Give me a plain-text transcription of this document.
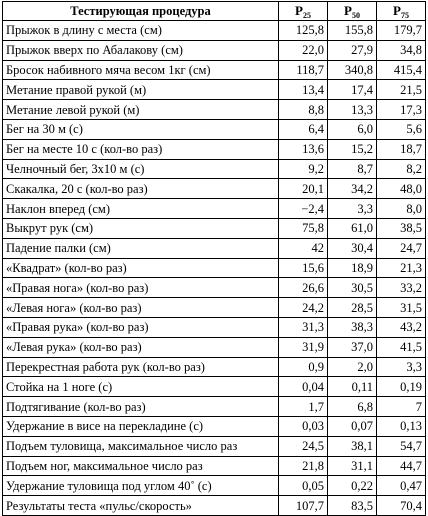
Тестирующая процедура	$P_{25}$	$P_{50}$	$P_{75}$
Прыжок в длину с места (см)	125,8	155,8	179,7
Прыжок вверх по Абалакову (см)	22,0	27,9	34,8
Бросок набивного мяча весом 1кг (см)	118,7	340,8	415,4
Метание правой рукой (м)	13,4	17,4	21,5
Метание левой рукой (м)	8,8	13,3	17,3
Бег на 30 м (с)	6,4	6,0	5,6
Бег на месте 10 с (кол-во раз)	13,6	15,2	18,7
Челночный бег, 3х10 м (с)	9,2	8,7	8,2
Скакалка, 20 с (кол-во раз)	20,1	34,2	48,0
Наклон вперед (см)	−2,4	3,3	8,0
Выкрут рук (см)	75,8	61,0	38,5
Падение палки (см)	42	30,4	24,7
«Квадрат» (кол-во раз)	15,6	18,9	21,3
«Правая нога» (кол-во раз)	26,6	30,5	33,2
«Левая нога» (кол-во раз)	24,2	28,5	31,5
«Правая рука» (кол-во раз)	31,3	38,3	43,2
«Левая рука» (кол-во раз)	31,9	37,0	41,5
Перекрестная работа рук (кол-во раз)	0,9	2,0	3,3
Стойка на 1 ноге (с)	0,04	0,11	0,19
Подтягивание (кол-во раз)	1,7	6,8	7
Удержание в висе на перекладине (с)	0,03	0,07	0,13
Подъем туловища, максимальное число раз	24,5	38,1	54,7
Подъем ног, максимальное число раз	21,8	31,1	44,7
Удержание туловища под углом 40˚ (с)	0,05	0,22	0,47
Результаты теста «пульс/скорость»	107,7	83,5	70,4
